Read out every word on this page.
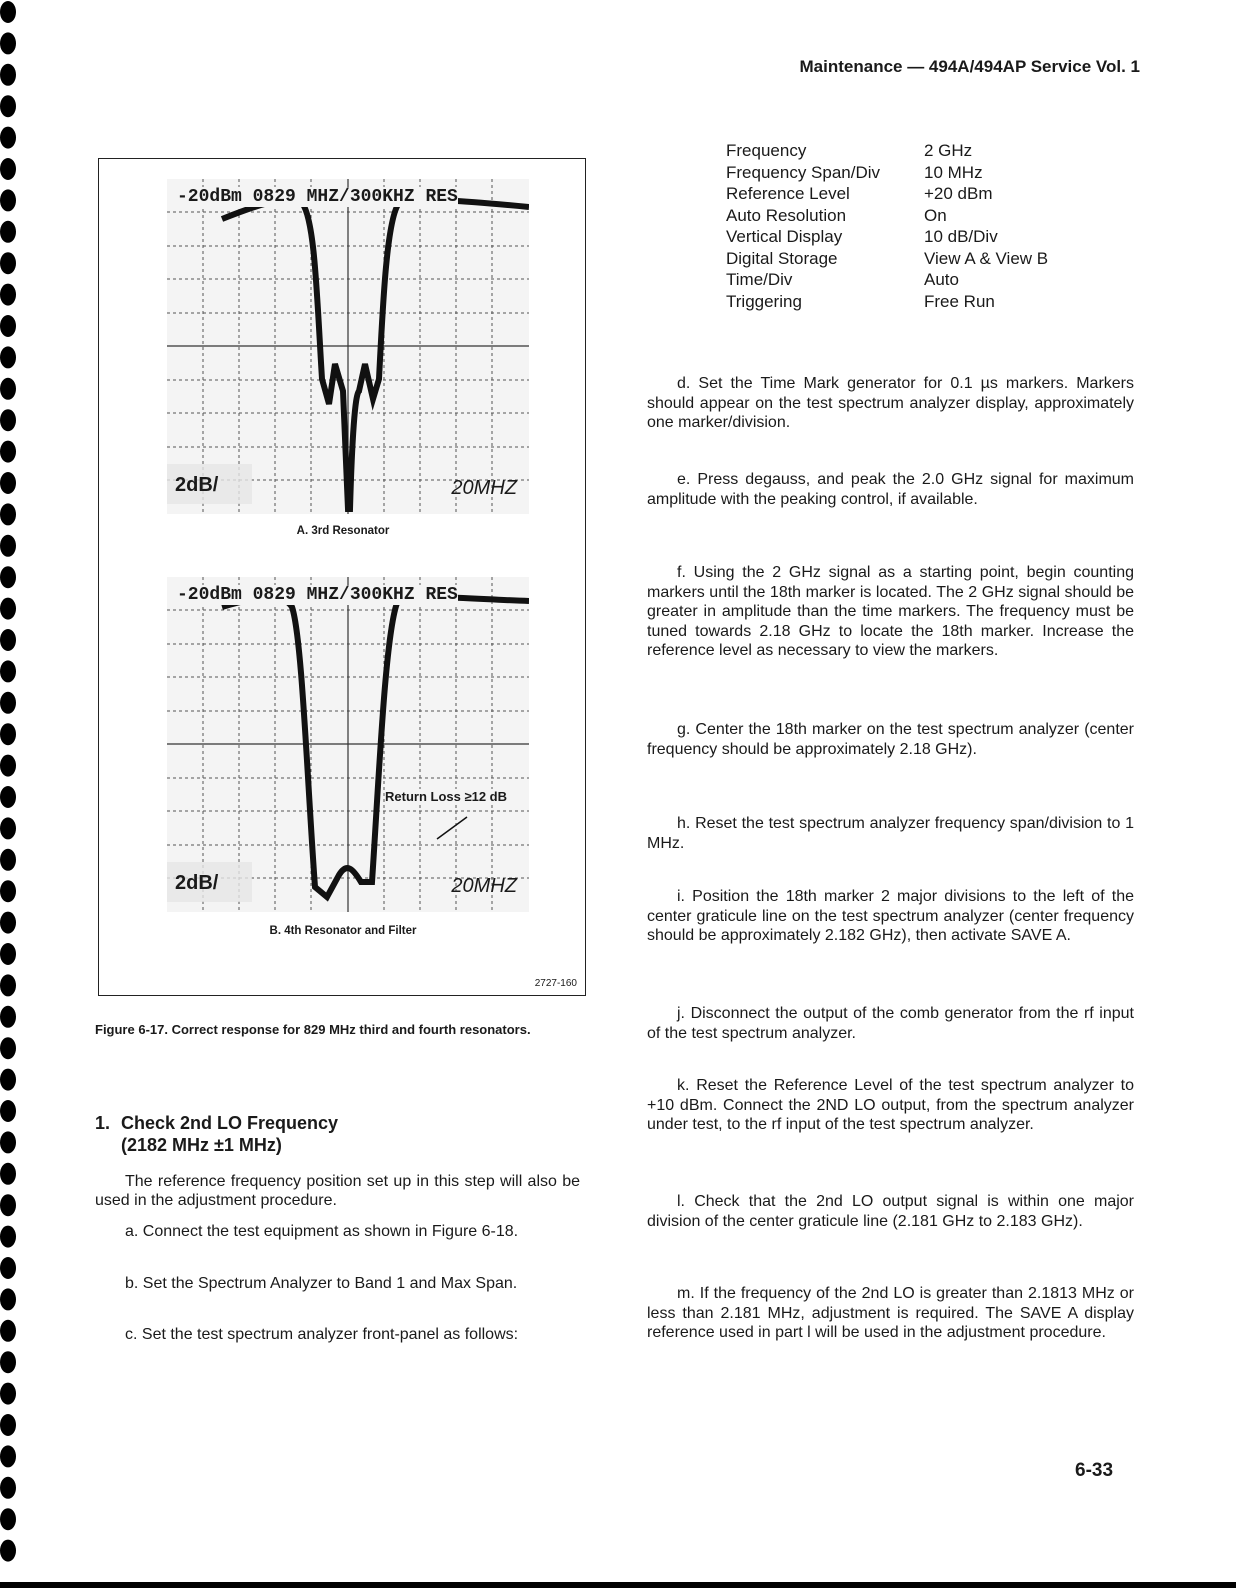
Maintenance — 494A/494AP Service Vol. 1
-20dBm 0829 MHZ/300KHZ RES
2dB/	20MHZ
A. 3rd Resonator
-20dBm 0829 MHZ/300KHZ RES
Return Loss ≥12 dB
2dB/	20MHZ
B. 4th Resonator and Filter
2727-160
Figure 6-17. Correct response for 829 MHz third and fourth resonators.
1. Check 2nd LO Frequency
(2182 MHz ±1 MHz)
The reference frequency position set up in this step will also be used in the adjustment procedure.
a. Connect the test equipment as shown in Figure 6-18.
b. Set the Spectrum Analyzer to Band 1 and Max Span.
c. Set the test spectrum analyzer front-panel as follows:
Frequency	2 GHz
Frequency Span/Div	10 MHz
Reference Level	+20 dBm
Auto Resolution	On
Vertical Display	10 dB/Div
Digital Storage	View A & View B
Time/Div	Auto
Triggering	Free Run
d. Set the Time Mark generator for 0.1 µs markers. Markers should appear on the test spectrum analyzer display, approximately one marker/division.
e. Press degauss, and peak the 2.0 GHz signal for maximum amplitude with the peaking control, if available.
f. Using the 2 GHz signal as a starting point, begin counting markers until the 18th marker is located. The 2 GHz signal should be greater in amplitude than the time markers. The frequency must be tuned towards 2.18 GHz to locate the 18th marker. Increase the reference level as necessary to view the markers.
g. Center the 18th marker on the test spectrum analyzer (center frequency should be approximately 2.18 GHz).
h. Reset the test spectrum analyzer frequency span/division to 1 MHz.
i. Position the 18th marker 2 major divisions to the left of the center graticule line on the test spectrum analyzer (center frequency should be approximately 2.182 GHz), then activate SAVE A.
j. Disconnect the output of the comb generator from the rf input of the test spectrum analyzer.
k. Reset the Reference Level of the test spectrum analyzer to +10 dBm. Connect the 2ND LO output, from the spectrum analyzer under test, to the rf input of the test spectrum analyzer.
l. Check that the 2nd LO output signal is within one major division of the center graticule line (2.181 GHz to 2.183 GHz).
m. If the frequency of the 2nd LO is greater than 2.1813 MHz or less than 2.181 MHz, adjustment is required. The SAVE A display reference used in part l will be used in the adjustment procedure.
6-33
